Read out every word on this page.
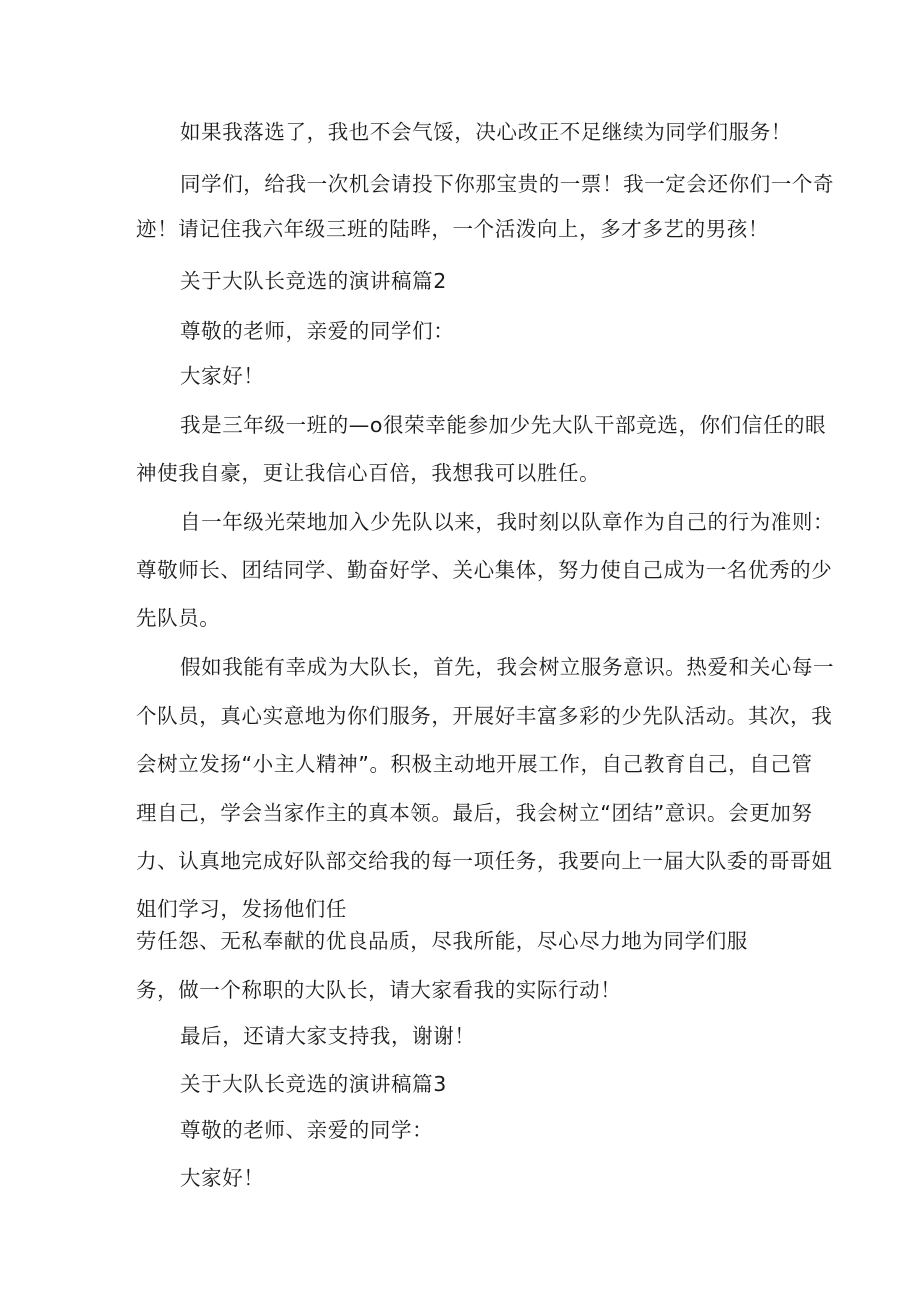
如果我落选了，我也不会气馁，决心改正不足继续为同学们服务！
同学们，给我一次机会请投下你那宝贵的一票！我一定会还你们一个奇
迹！请记住我六年级三班的陆晔，一个活泼向上，多才多艺的男孩！
关于大队长竞选的演讲稿篇2
尊敬的老师，亲爱的同学们：
大家好！
我是三年级一班的—o很荣幸能参加少先大队干部竞选，你们信任的眼
神使我自豪，更让我信心百倍，我想我可以胜任。
自一年级光荣地加入少先队以来，我时刻以队章作为自己的行为准则：
尊敬师长、团结同学、勤奋好学、关心集体，努力使自己成为一名优秀的少
先队员。
假如我能有幸成为大队长，首先，我会树立服务意识。热爱和关心每一
个队员，真心实意地为你们服务，开展好丰富多彩的少先队活动。其次，我
会树立发扬“小主人精神”。积极主动地开展工作，自己教育自己，自己管
理自己，学会当家作主的真本领。最后，我会树立“团结”意识。会更加努
力、认真地完成好队部交给我的每一项任务，我要向上一届大队委的哥哥姐
姐们学习，发扬他们任
劳任怨、无私奉献的优良品质，尽我所能，尽心尽力地为同学们服
务，做一个称职的大队长，请大家看我的实际行动！
最后，还请大家支持我，谢谢！
关于大队长竞选的演讲稿篇3
尊敬的老师、亲爱的同学：
大家好！
